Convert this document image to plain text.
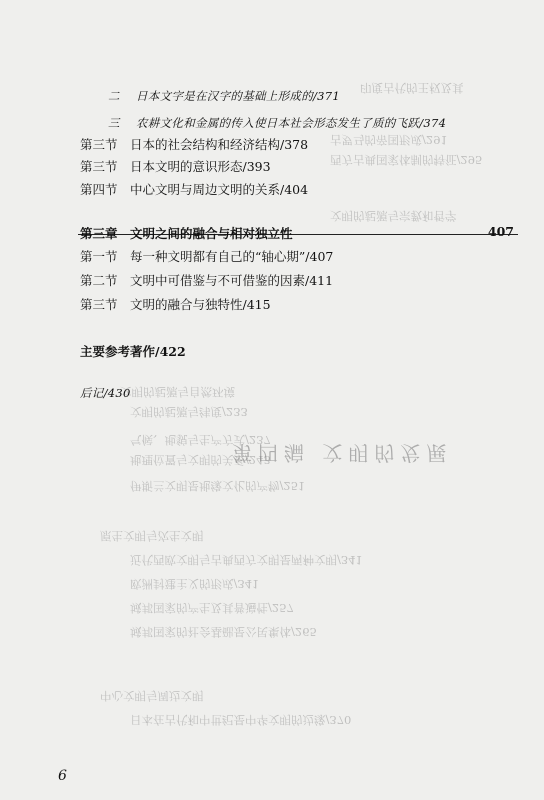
印度古代的王权及其
古罗马的帝国形成/291
西方古典国家体制的特征/295
文明的起源与宗教和哲学
文明的起源与自然环境
文明的起源与纬度/233
气候、地貌与生产方式/237
地理位置与文明的关系/243
伊斯兰文明是地缘文化的产物/251
原生文明与次生文明
近代西欧文明与古典西方文明是两种文明/341
欧洲封建主义的形成/341
城邦国家的产生及其普遍性/257
城邦国家的社会基础是公民集体/265
中心文明与周边文明
日本在古代和中世纪是中华文明的边缘/370
第四编 文明的发展
二 日本文字是在汉字的基础上形成的/371
三 农耕文化和金属的传入使日本社会形态发生了质的飞跃/374
第三节 日本的社会结构和经济结构/378
第三节 日本文明的意识形态/393
第四节 中心文明与周边文明的关系/404
第三章 文明之间的融合与相对独立性	407
第一节 每一种文明都有自己的“轴心期”/407
第二节 文明中可借鉴与不可借鉴的因素/411
第三节 文明的融合与独特性/415
主要参考著作/422
后记/430
6
